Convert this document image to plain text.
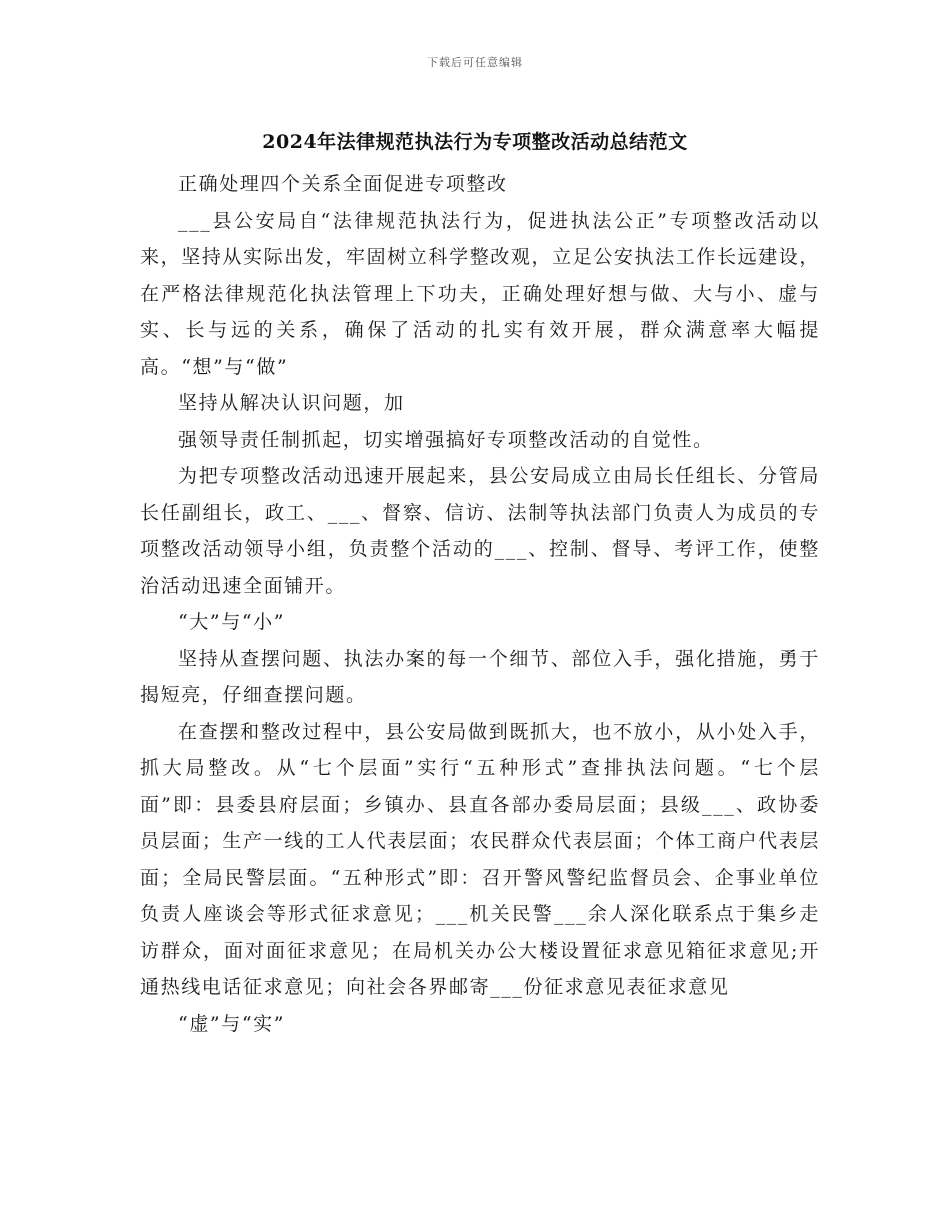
下载后可任意编辑
2024年法律规范执法行为专项整改活动总结范文

正确处理四个关系全面促进专项整改

___县公安局自“法律规范执法行为，促进执法公正”专项整改活动以来，坚持从实际出发，牢固树立科学整改观，立足公安执法工作长远建设，在严格法律规范化执法管理上下功夫，正确处理好想与做、大与小、虚与实、长与远的关系，确保了活动的扎实有效开展，群众满意率大幅提高。“想”与“做”

坚持从解决认识问题，加

强领导责任制抓起，切实增强搞好专项整改活动的自觉性。

为把专项整改活动迅速开展起来，县公安局成立由局长任组长、分管局长任副组长，政工、___、督察、信访、法制等执法部门负责人为成员的专项整改活动领导小组，负责整个活动的___、控制、督导、考评工作，使整治活动迅速全面铺开。

“大”与“小”

坚持从查摆问题、执法办案的每一个细节、部位入手，强化措施，勇于揭短亮，仔细查摆问题。

在查摆和整改过程中，县公安局做到既抓大，也不放小，从小处入手，抓大局整改。从“七个层面”实行“五种形式”查排执法问题。“七个层面”即：县委县府层面；乡镇办、县直各部办委局层面；县级___、政协委员层面；生产一线的工人代表层面；农民群众代表层面；个体工商户代表层面；全局民警层面。“五种形式”即：召开警风警纪监督员会、企事业单位负责人座谈会等形式征求意见；___机关民警___余人深化联系点于集乡走访群众，面对面征求意见；在局机关办公大楼设置征求意见箱征求意见;开通热线电话征求意见；向社会各界邮寄___份征求意见表征求意见

“虚”与“实”
